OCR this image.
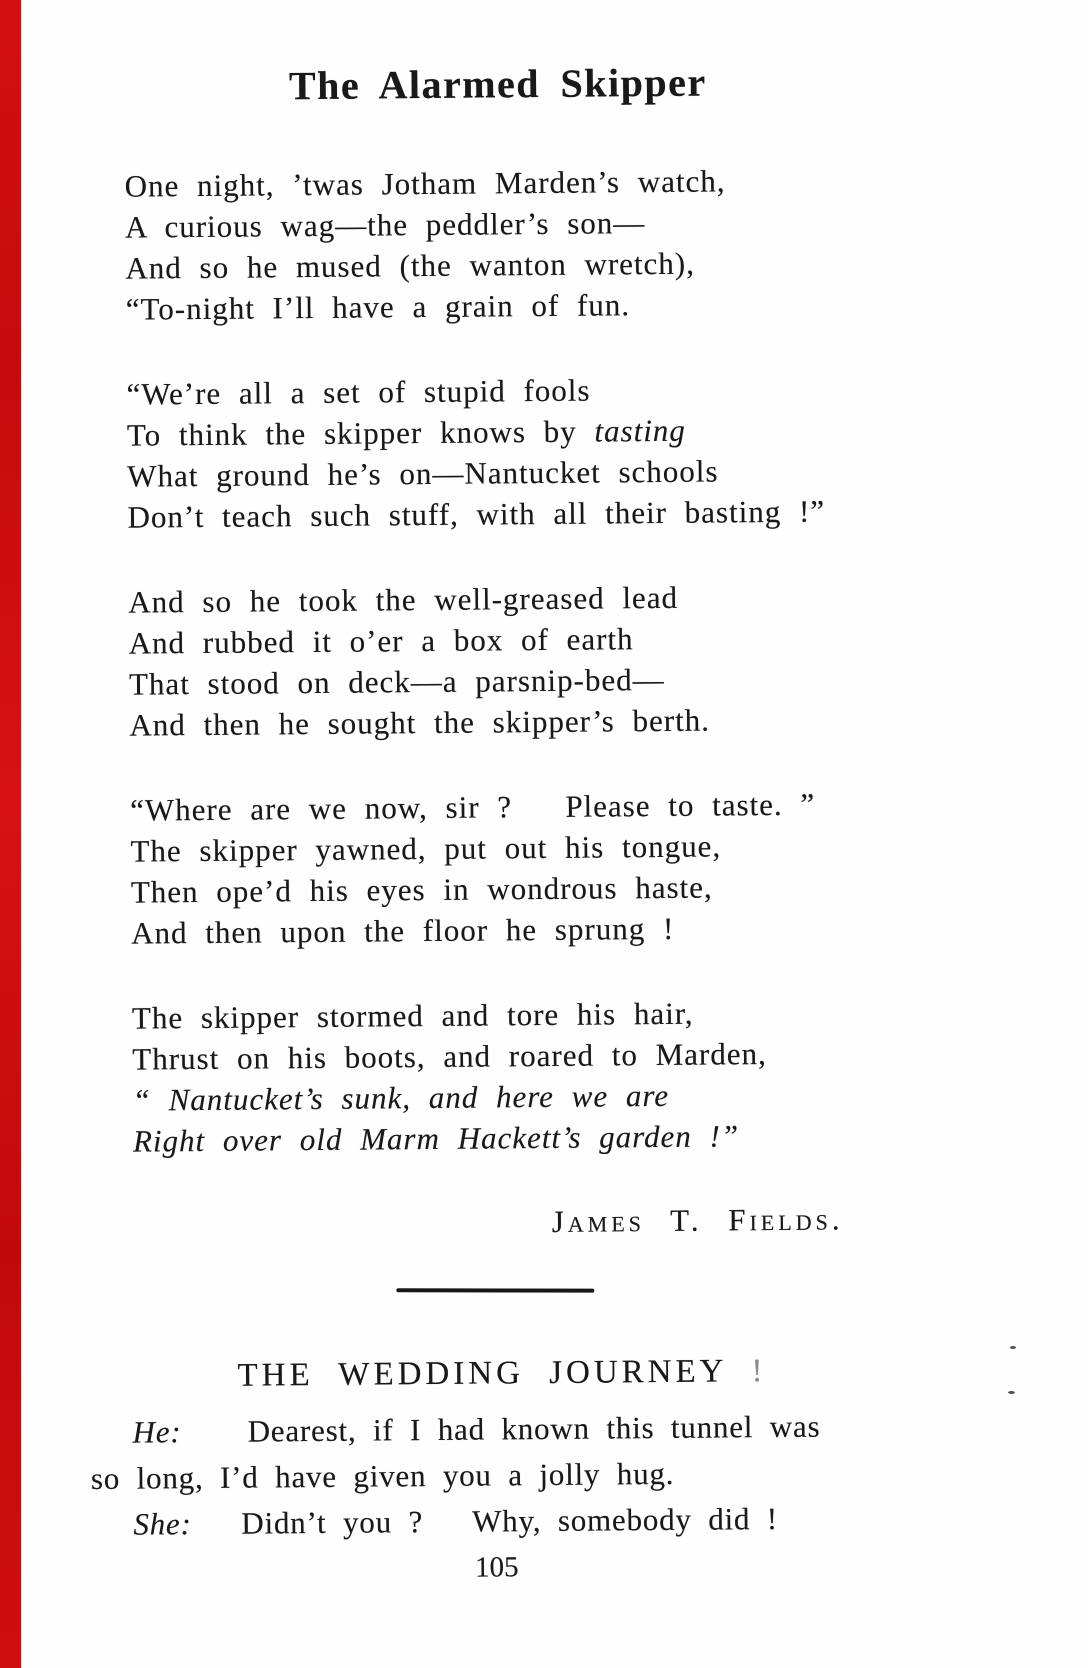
The Alarmed Skipper
One night, ’twas Jotham Marden’s watch,
A curious wag—the peddler’s son—
And so he mused (the wanton wretch),
“To-night I’ll have a grain of fun.
“We’re all a set of stupid fools
To think the skipper knows by tasting
What ground he’s on—Nantucket schools
Don’t teach such stuff, with all their basting !”
And so he took the well-greased lead
And rubbed it o’er a box of earth
That stood on deck—a parsnip-bed—
And then he sought the skipper’s berth.
“Where are we now, sir ?   Please to taste. ”
The skipper yawned, put out his tongue,
Then ope’d his eyes in wondrous haste,
And then upon the floor he sprung !
The skipper stormed and tore his hair,
Thrust on his boots, and roared to Marden,
“ Nantucket’s sunk, and here we are
Right over old Marm Hackett’s garden !”
James T. Fields.
THE WEDDING JOURNEY !
He:    Dearest, if I had known this tunnel was
so long, I’d have given you a jolly hug.
She:   Didn’t you ?   Why, somebody did !
105
